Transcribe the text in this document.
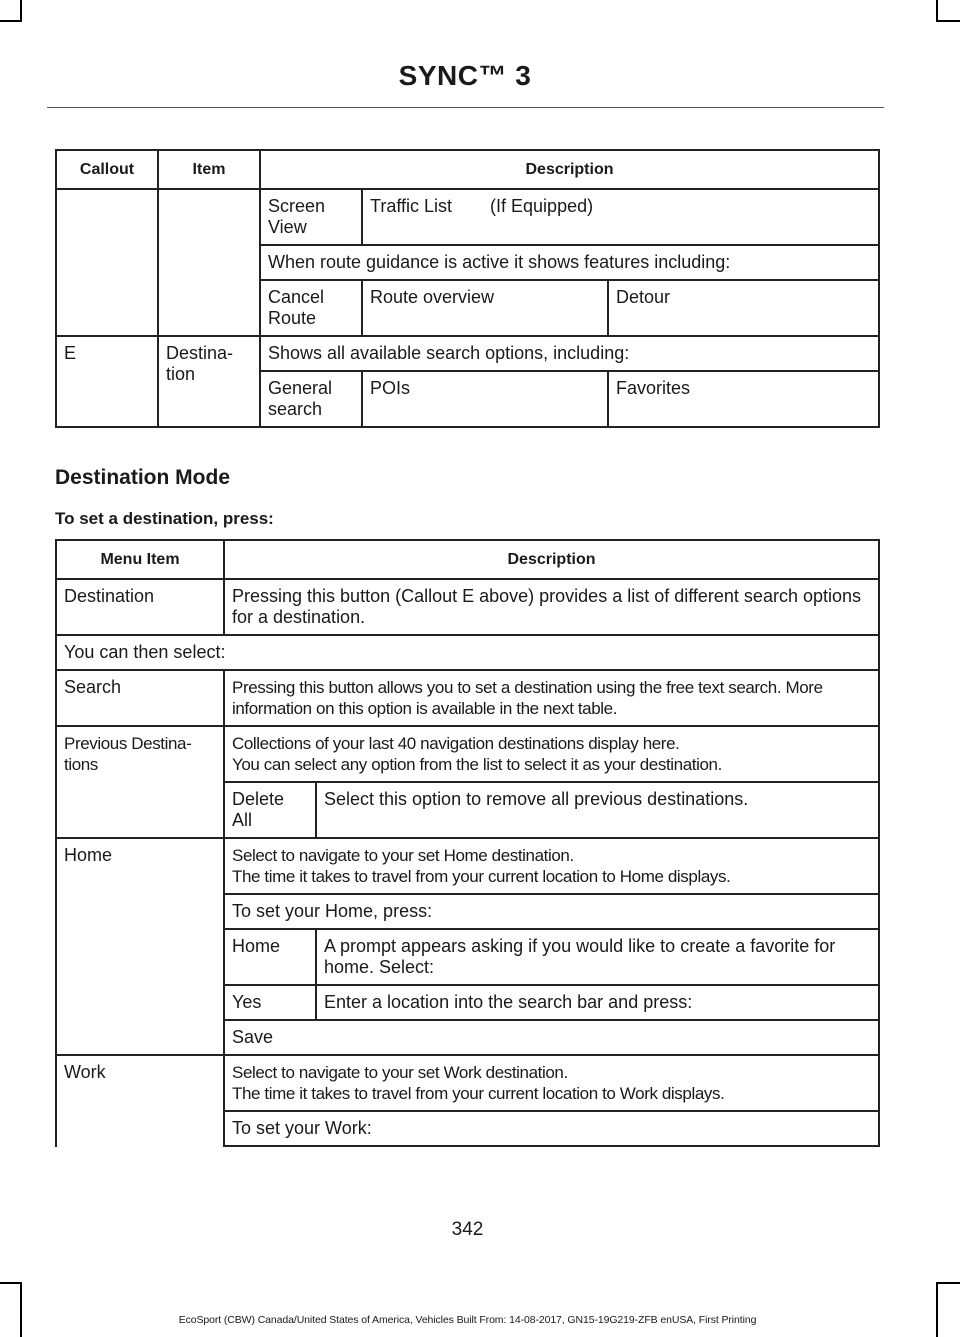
SYNC™ 3
Callout	Item	Description		
		Screen View	Traffic List (If Equipped)	
		When route guidance is active it shows features including:		
		Cancel Route	Route overview	Detour
E	Destina-tion	Shows all available search options, including:		
		General search	POIs	Favorites
Destination Mode
To set a destination, press:
Menu Item	Description	
Destination	Pressing this button (Callout E above) provides a list of different search options for a destination.	
You can then select:		
Search	Pressing this button allows you to set a destination using the free text search. More information on this option is available in the next table.	
Previous Destina-tions	Collections of your last 40 navigation destinations display here.
You can select any option from the list to select it as your destination.	

	Delete All	Select this option to remove all previous destinations.
Home	Select to navigate to your set Home destination.
The time it takes to travel from your current location to Home displays.	

	To set your Home, press:	
	Home	A prompt appears asking if you would like to create a favorite for home. Select:
	Yes	Enter a location into the search bar and press:
	Save	
Work	Select to navigate to your set Work destination.
The time it takes to travel from your current location to Work displays.	

	To set your Work:	
342
EcoSport (CBW) Canada/United States of America, Vehicles Built From: 14-08-2017, GN15-19G219-ZFB enUSA, First Printing
